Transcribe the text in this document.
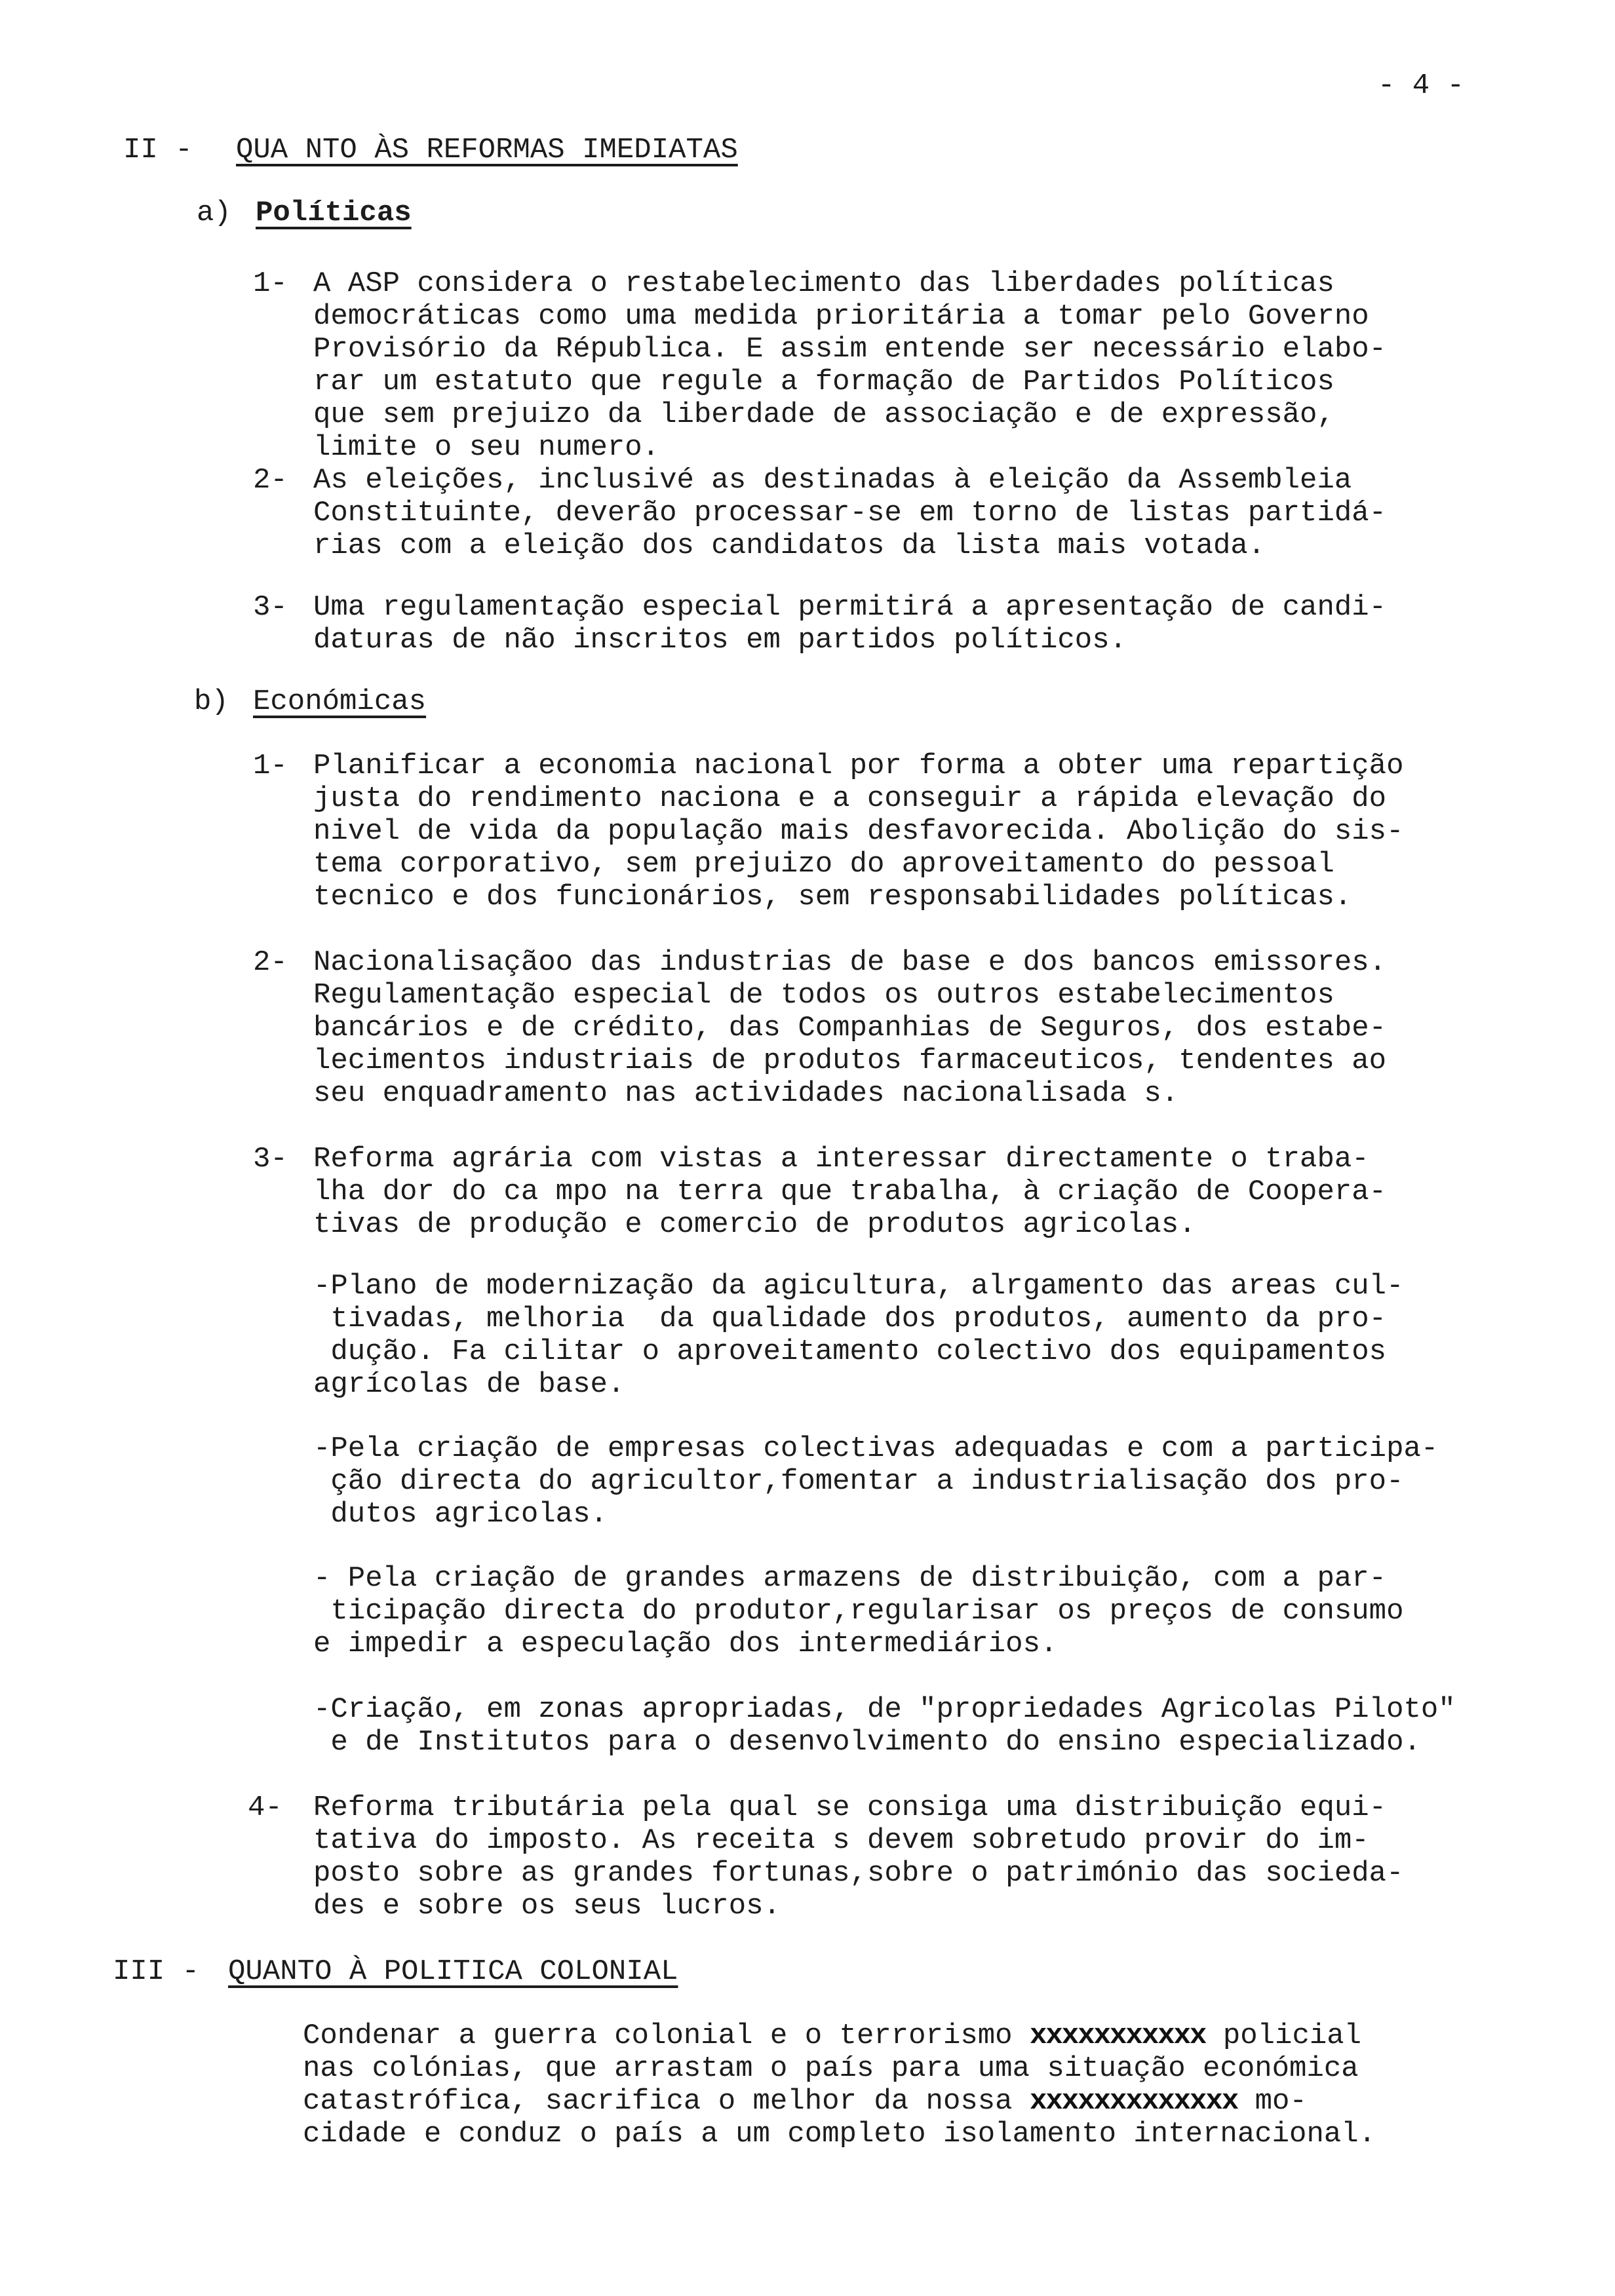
- 4 -
II - QUA NTO ÀS REFORMAS IMEDIATAS
a) Políticas
1- A ASP considera o restabelecimento das liberdades políticas
democráticas como uma medida prioritária a tomar pelo Governo
Provisório da Républica. E assim entende ser necessário elabo-
rar um estatuto que regule a formação de Partidos Políticos
que sem prejuizo da liberdade de associação e de expressão,
limite o seu numero.
2- As eleições, inclusivé as destinadas à eleição da Assembleia
Constituinte, deverão processar-se em torno de listas partidá-
rias com a eleição dos candidatos da lista mais votada.
3- Uma regulamentação especial permitirá a apresentação de candi-
daturas de não inscritos em partidos políticos.
b) Económicas
1- Planificar a economia nacional por forma a obter uma repartição
justa do rendimento naciona e a conseguir a rápida elevação do
nivel de vida da população mais desfavorecida. Abolição do sis-
tema corporativo, sem prejuizo do aproveitamento do pessoal
tecnico e dos funcionários, sem responsabilidades políticas.
2- Nacionalisaçãoo das industrias de base e dos bancos emissores.
Regulamentação especial de todos os outros estabelecimentos
bancários e de crédito, das Companhias de Seguros, dos estabe-
lecimentos industriais de produtos farmaceuticos, tendentes ao
seu enquadramento nas actividades nacionalisada s.
3- Reforma agrária com vistas a interessar directamente o traba-
lha dor do ca mpo na terra que trabalha, à criação de Coopera-
tivas de produção e comercio de produtos agricolas.
-Plano de modernização da agicultura, alrgamento das areas cul-
tivadas, melhoria  da qualidade dos produtos, aumento da pro-
dução. Fa cilitar o aproveitamento colectivo dos equipamentos
agrícolas de base.
-Pela criação de empresas colectivas adequadas e com a participa-
ção directa do agricultor,fomentar a industrialisação dos pro-
dutos agricolas.
- Pela criação de grandes armazens de distribuição, com a par-
ticipação directa do produtor,regularisar os preços de consumo
e impedir a especulação dos intermediários.
-Criação, em zonas apropriadas, de "propriedades Agricolas Piloto"
e de Institutos para o desenvolvimento do ensino especializado.
4- Reforma tributária pela qual se consiga uma distribuição equi-
tativa do imposto. As receita s devem sobretudo provir do im-
posto sobre as grandes fortunas,sobre o património das socieda-
des e sobre os seus lucros.
III - QUANTO À POLITICA COLONIAL
Condenar a guerra colonial e o terrorismo xxxxxxxxxxx policial
nas colónias, que arrastam o país para uma situação económica
catastrófica, sacrifica o melhor da nossa xxxxxxxxxxxxx mo-
cidade e conduz o país a um completo isolamento internacional.
